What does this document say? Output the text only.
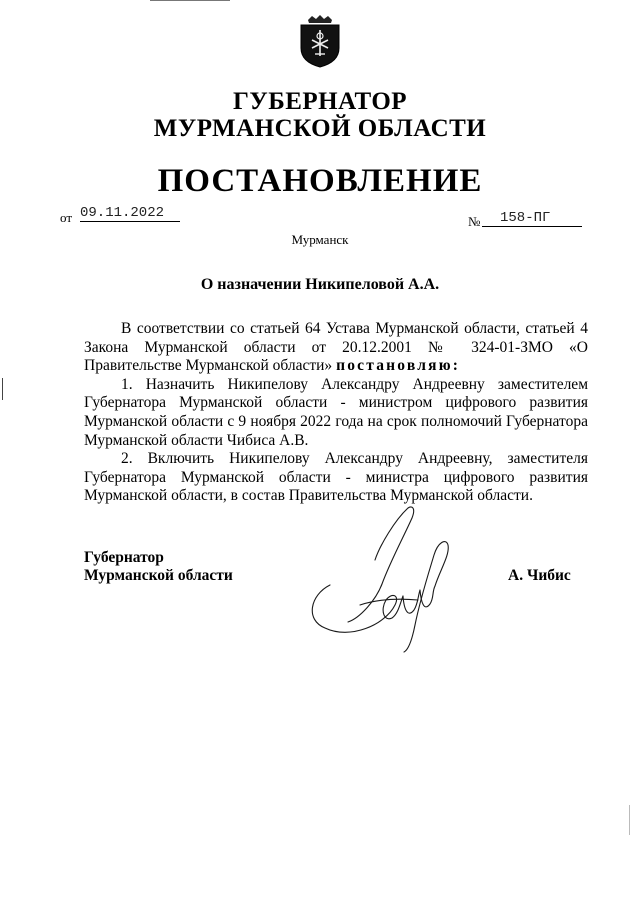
ГУБЕРНАТОР
МУРМАНСКОЙ ОБЛАСТИ
ПОСТАНОВЛЕНИЕ
от 09.11.2022
№	158-ПГ
Мурманск
О назначении Никипеловой А.А.

В соответствии со статьей 64 Устава Мурманской области, статьей 4 Закона Мурманской области от 20.12.2001 № 324-01-ЗМО «О Правительстве Мурманской области» постановляю:

1. Назначить Никипелову Александру Андреевну заместителем Губернатора Мурманской области - министром цифрового развития Мурманской области с 9 ноября 2022 года на срок полномочий Губернатора Мурманской области Чибиса А.В.

2. Включить Никипелову Александру Андреевну, заместителя Губернатора Мурманской области - министра цифрового развития Мурманской области, в состав Правительства Мурманской области.

Губернатор
Мурманской области	А. Чибис
